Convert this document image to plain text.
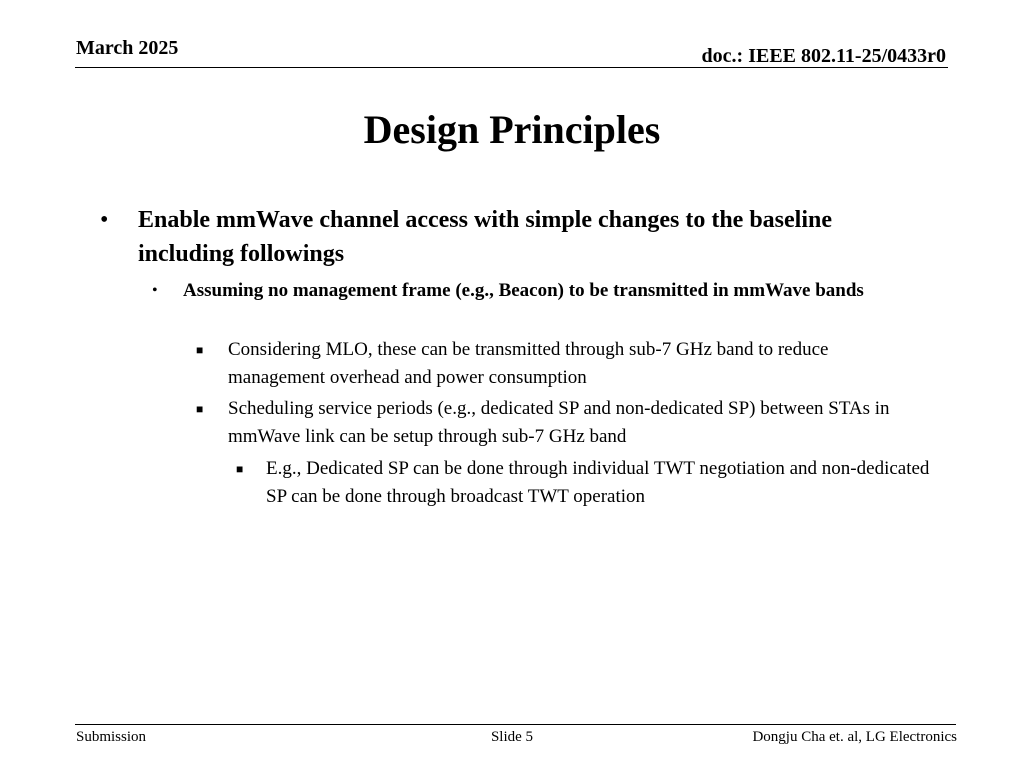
March 2025	doc.: IEEE 802.11-25/0433r0
Design Principles
• Enable mmWave channel access with simple changes to the baseline including followings
• Assuming no management frame (e.g., Beacon) to be transmitted in mmWave bands
■ Considering MLO, these can be transmitted through sub-7 GHz band to reduce management overhead and power consumption
■ Scheduling service periods (e.g., dedicated SP and non-dedicated SP) between STAs in mmWave link can be setup through sub-7 GHz band
■ E.g., Dedicated SP can be done through individual TWT negotiation and non-dedicated SP can be done through broadcast TWT operation
Submission	Slide 5	Dongju Cha et. al, LG Electronics
